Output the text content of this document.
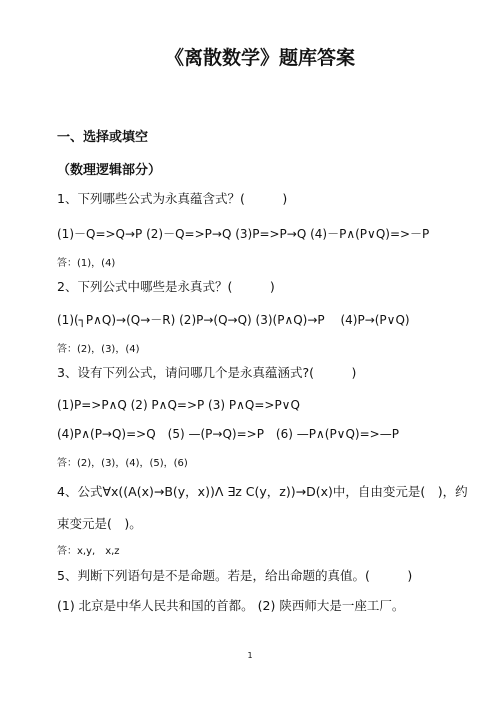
《离散数学》题库答案
一、选择或填空
（数理逻辑部分）
1、下列哪些公式为永真蕴含式？(　　　)
(1)－Q=>Q→P (2)－Q=>P→Q (3)P=>P→Q (4)－P∧(P∨Q)=>－P
答：(1)，(4)
2、下列公式中哪些是永真式？(　　　)
(1)(┐P∧Q)→(Q→－R) (2)P→(Q→Q) (3)(P∧Q)→P　 (4)P→(P∨Q)
答：(2)，(3)，(4)
3、设有下列公式，请问哪几个是永真蕴涵式?(　　　)
(1)P=>P∧Q (2) P∧Q=>P (3) P∧Q=>P∨Q
(4)P∧(P→Q)=>Q　(5) —(P→Q)=>P　(6) —P∧(P∨Q)=>—P
答：(2)，(3)，(4)，(5)，(6)
4、公式∀x((A(x)→B(y，x))Λ ∃z C(y，z))→D(x)中，自由变元是(　)，约
束变元是(　)。
答：x,y,　x,z
5、判断下列语句是不是命题。若是，给出命题的真值。(　　　)
(1) 北京是中华人民共和国的首都。 (2) 陕西师大是一座工厂。
1
